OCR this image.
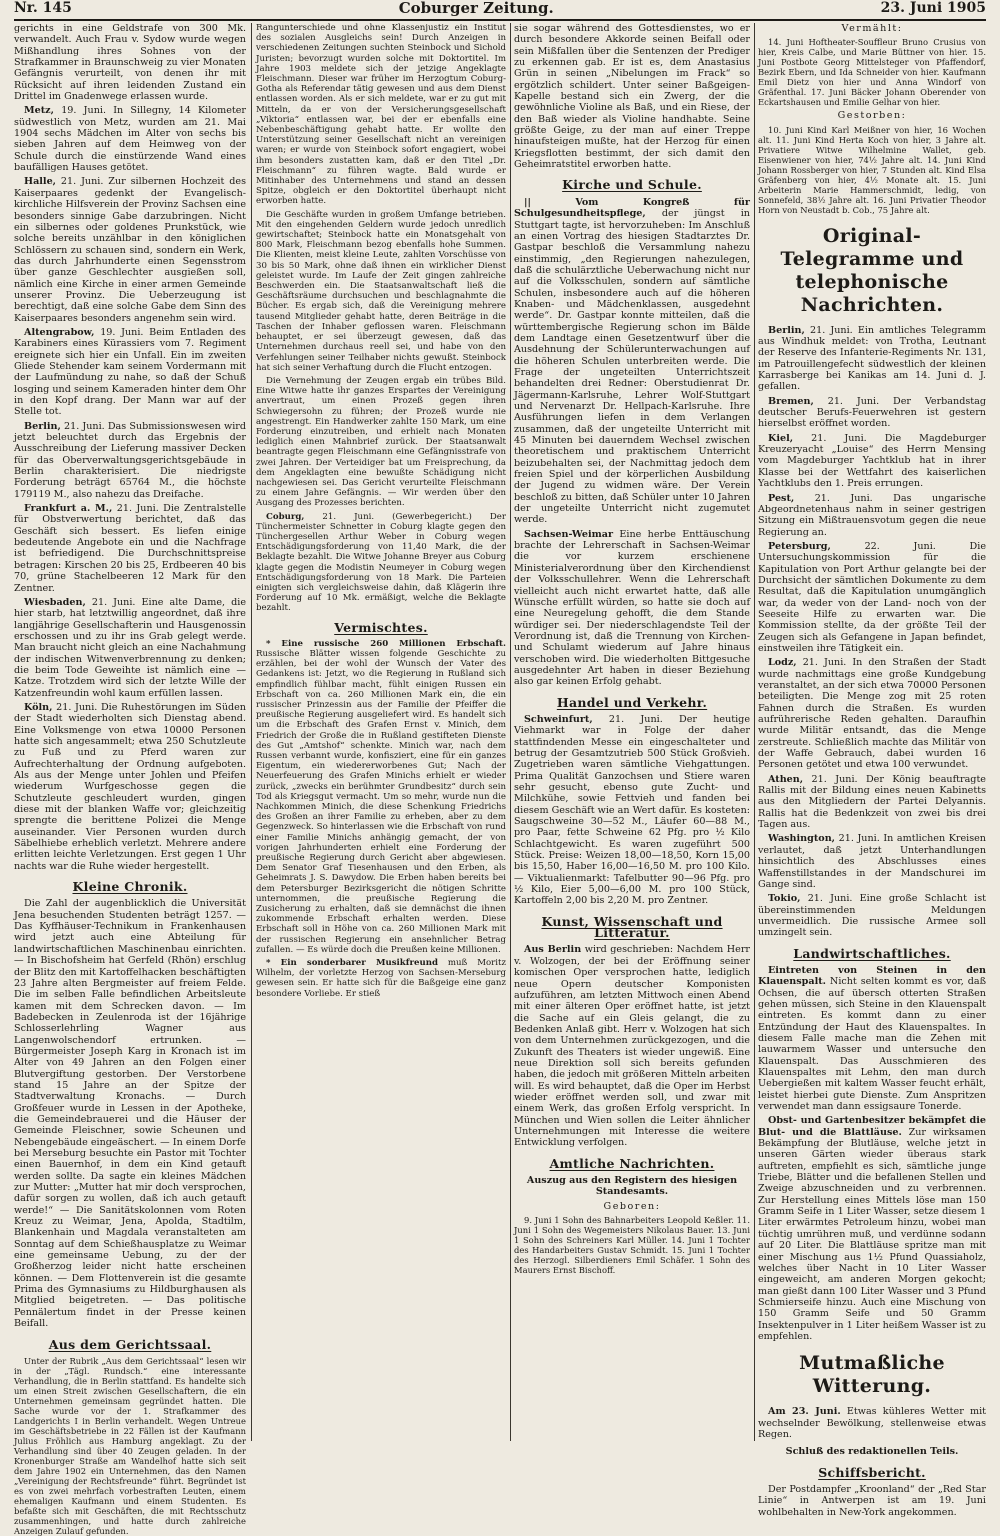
Nr. 145	Coburger Zeitung.	23. Juni 1905

gerichts in eine Geldstrafe von 300 Mk. verwandelt. Auch Frau v. Sydow wurde wegen Mißhandlung ihres Sohnes von der Strafkammer in Braunschweig zu vier Monaten Gefängnis verurteilt, von denen ihr mit Rücksicht auf ihren leidenden Zustand ein Drittel im Gnadenwege erlassen wurde.

Metz, 19. Juni. In Sillegny, 14 Kilometer südwestlich von Metz, wurden am 21. Mai 1904 sechs Mädchen im Alter von sechs bis sieben Jahren auf dem Heimweg von der Schule durch die einstürzende Wand eines baufälligen Hauses getötet.

Halle, 21. Juni. Zur silbernen Hochzeit des Kaiserpaares gedenkt der Evangelisch-kirchliche Hilfsverein der Provinz Sachsen eine besonders sinnige Gabe darzubringen. Nicht ein silbernes oder goldenes Prunkstück, wie solche bereits unzählbar in den königlichen Schlössern zu schauen sind, sondern ein Werk, das durch Jahrhunderte einen Segensstrom über ganze Geschlechter ausgießen soll, nämlich eine Kirche in einer armen Gemeinde unserer Provinz. Die Ueberzeugung ist berechtigt, daß eine solche Gabe dem Sinn des Kaiserpaares besonders angenehm sein wird.

Altengrabow, 19. Juni. Beim Entladen des Karabiners eines Kürassiers vom 7. Regiment ereignete sich hier ein Unfall. Ein im zweiten Gliede Stehender kam seinem Vordermann mit der Laufmündung zu nahe, so daß der Schuß losging und seinem Kameraden hinter dem Ohr in den Kopf drang. Der Mann war auf der Stelle tot.

Berlin, 21. Juni. Das Submissionswesen wird jetzt beleuchtet durch das Ergebnis der Ausschreibung der Lieferung massiver Decken für das Oberverwaltungsgerichtsgebäude in Berlin charakterisiert. Die niedrigste Forderung beträgt 65764 M., die höchste 179119 M., also nahezu das Dreifache.

Frankfurt a. M., 21. Juni. Die Zentralstelle für Obstverwertung berichtet, daß das Geschäft sich bessert. Es liefen einige bedeutende Angebote ein und die Nachfrage ist befriedigend. Die Durchschnittspreise betragen: Kirschen 20 bis 25, Erdbeeren 40 bis 70, grüne Stachelbeeren 12 Mark für den Zentner.

Wiesbaden, 21. Juni. Eine alte Dame, die hier starb, hat letztwillig angeordnet, daß ihre langjährige Gesellschafterin und Hausgenossin erschossen und zu ihr ins Grab gelegt werde. Man braucht nicht gleich an eine Nachahmung der indischen Witwenverbrennung zu denken; die beim Tode Geweihte ist nämlich eine — Katze. Trotzdem wird sich der letzte Wille der Katzenfreundin wohl kaum erfüllen lassen.

Köln, 21. Juni. Die Ruhestörungen im Süden der Stadt wiederholten sich Dienstag abend. Eine Volksmenge von etwa 10000 Personen hatte sich angesammelt; etwa 250 Schutzleute zu Fuß und zu Pferd waren zur Aufrechterhaltung der Ordnung aufgeboten. Als aus der Menge unter Johlen und Pfeifen wiederum Wurfgeschosse gegen die Schutzleute geschleudert wurden, gingen diese mit der blanken Waffe vor; gleichzeitig sprengte die berittene Polizei die Menge auseinander. Vier Personen wurden durch Säbelhiebe erheblich verletzt. Mehrere andere erlitten leichte Verletzungen. Erst gegen 1 Uhr nachts war die Ruhe wieder hergestellt.

Kleine Chronik.

Die Zahl der augenblicklich die Universität Jena besuchenden Studenten beträgt 1257. — Das Kyffhäuser-Technikum in Frankenhausen wird jetzt auch eine Abteilung für landwirtschaftlichen Maschinenbau einrichten. — In Bischofsheim hat Gerfeld (Rhön) erschlug der Blitz den mit Kartoffelhacken beschäftigten 23 Jahre alten Bergmeister auf freiem Felde. Die im selben Falle befindlichen Arbeitsleute kamen mit dem Schrecken davon. — Im Badebecken in Zeulenroda ist der 16jährige Schlosserlehrling Wagner aus Langenwolschendorf ertrunken. — Bürgermeister Joseph Karg in Kronach ist im Alter von 49 Jahren an den Folgen einer Blutvergiftung gestorben. Der Verstorbene stand 15 Jahre an der Spitze der Stadtverwaltung Kronachs. — Durch Großfeuer wurde in Lessen in der Apotheke, die Gemeindebrauerei und die Häuser der Gemeinde Fleischner, sowie Scheunen und Nebengebäude eingeäschert. — In einem Dorfe bei Merseburg besuchte ein Pastor mit Tochter einen Bauernhof, in dem ein Kind getauft werden sollte. Da sagte ein kleines Mädchen zur Mutter: „Mutter hat mir doch versprochen, dafür sorgen zu wollen, daß ich auch getauft werde!“ — Die Sanitätskolonnen vom Roten Kreuz zu Weimar, Jena, Apolda, Stadtilm, Blankenhain und Magdala veranstalteten am Sonntag auf dem Schießhausplatze zu Weimar eine gemeinsame Uebung, zu der der Großherzog leider nicht hatte erscheinen können. — Dem Flottenverein ist die gesamte Prima des Gymnasiums zu Hildburghausen als Mitglied beigetreten. — Das politische Pennälertum findet in der Presse keinen Beifall.

Aus dem Gerichtssaal.

Unter der Rubrik „Aus dem Gerichtssaal“ lesen wir in der „Tägl. Rundsch.“ eine interessante Verhandlung, die in Berlin stattfand. Es handelte sich um einen Streit zwischen Gesellschaftern, die ein Unternehmen gemeinsam gegründet hatten. Die Sache wurde vor der 1. Strafkammer des Landgerichts I in Berlin verhandelt. Wegen Untreue im Geschäftsbetriebe in 22 Fällen ist der Kaufmann Julius Fröhlich aus Hamburg angeklagt. Zu der Verhandlung sind über 40 Zeugen geladen. In der Kronenburger Straße am Wandelhof hatte sich seit dem Jahre 1902 ein Unternehmen, das den Namen „Vereinigung der Rechtsfreunde“ führt. Begründet ist es von zwei mehrfach vorbestraften Leuten, einem ehemaligen Kaufmann und einem Studenten. Es befaßte sich mit Geschäften, die mit Rechtsschutz zusammenhingen, und hatte durch zahlreiche Anzeigen Zulauf gefunden.

Rangunterschiede und ohne Klassenjustiz ein Institut des sozialen Ausgleichs sein! Durch Anzeigen in verschiedenen Zeitungen suchten Steinbock und Sichold Juristen; bevorzugt wurden solche mit Doktortitel. Im Jahre 1903 meldete sich der jetzige Angeklagte Fleischmann. Dieser war früher im Herzogtum Coburg-Gotha als Referendar tätig gewesen und aus dem Dienst entlassen worden. Als er sich meldete, war er zu gut mit Mitteln, da er von der Versicherungsgesellschaft „Viktoria“ entlassen war, bei der er ebenfalls eine Nebenbeschäftigung gehabt hatte. Er wollte den Unterstützung seiner Gesellschaft nicht an vereinigen waren; er wurde von Steinbock sofort engagiert, wobei ihm besonders zustatten kam, daß er den Titel „Dr. Fleischmann“ zu führen wagte. Bald wurde er Mitinhaber des Unternehmens und stand an dessen Spitze, obgleich er den Doktortitel überhaupt nicht erworben hatte.

Die Geschäfte wurden in großem Umfange betrieben. Mit den eingehenden Geldern wurde jedoch unredlich gewirtschaftet; Steinbock hatte ein Monatsgehalt von 800 Mark, Fleischmann bezog ebenfalls hohe Summen. Die Klienten, meist kleine Leute, zahlten Vorschüsse von 30 bis 50 Mark, ohne daß ihnen ein wirklicher Dienst geleistet wurde. Im Laufe der Zeit gingen zahlreiche Beschwerden ein. Die Staatsanwaltschaft ließ die Geschäftsräume durchsuchen und beschlagnahmte die Bücher. Es ergab sich, daß die Vereinigung mehrere tausend Mitglieder gehabt hatte, deren Beiträge in die Taschen der Inhaber geflossen waren. Fleischmann behauptet, er sei überzeugt gewesen, daß das Unternehmen durchaus reell sei, und habe von den Verfehlungen seiner Teilhaber nichts gewußt. Steinbock hat sich seiner Verhaftung durch die Flucht entzogen.

Die Vernehmung der Zeugen ergab ein trübes Bild. Eine Witwe hatte ihr ganzes Erspartes der Vereinigung anvertraut, um einen Prozeß gegen ihren Schwiegersohn zu führen; der Prozeß wurde nie angestrengt. Ein Handwerker zahlte 150 Mark, um eine Forderung einzutreiben, und erhielt nach Monaten lediglich einen Mahnbrief zurück. Der Staatsanwalt beantragte gegen Fleischmann eine Gefängnisstrafe von zwei Jahren. Der Verteidiger bat um Freisprechung, da dem Angeklagten eine bewußte Schädigung nicht nachgewiesen sei. Das Gericht verurteilte Fleischmann zu einem Jahre Gefängnis. — Wir werden über den Ausgang des Prozesses berichten.

Coburg, 21. Juni. (Gewerbegericht.) Der Tünchermeister Schnetter in Coburg klagte gegen den Tünchergesellen Arthur Weber in Coburg wegen Entschädigungsforderung von 11,40 Mark, die der Beklagte bezahlt. Die Witwe Johanne Breyer aus Coburg klagte gegen die Modistin Neumeyer in Coburg wegen Entschädigungsforderung von 18 Mark. Die Parteien einigten sich vergleichsweise dahin, daß Klägerin ihre Forderung auf 10 Mk. ermäßigt, welche die Beklagte bezahlt.

Vermischtes.

* Eine russische 260 Millionen Erbschaft. Russische Blätter wissen folgende Geschichte zu erzählen, bei der wohl der Wunsch der Vater des Gedankens ist: Jetzt, wo die Regierung in Rußland sich empfindlich fühlbar macht, fühlt einigen Russen ein Erbschaft von ca. 260 Millionen Mark ein, die ein russischer Prinzessin aus der Familie der Pfeiffer die preußische Regierung ausgeliefert wird. Es handelt sich um die Erbschaft des Grafen Ernst v. Minich, dem Friedrich der Große die in Rußland gestifteten Dienste des Gut „Amtshof“ schenkte. Minich war, nach dem Russen verbannt wurde, konfisziert, eine für ein ganzes Eigentum, ein wiedererworbenes Gut; Nach der Neuerfeuerung des Grafen Minichs erhielt er wieder zurück, „zwecks ein berühmter Grundbesitz“ durch sein Tod als Kriegsgut vermacht. Um so mehr, wurde nun die Nachkommen Minich, die diese Schenkung Friedrichs des Großen an ihrer Familie zu erheben, aber zu dem Gegenzweck. So hinterlassen wie die Erbschaft von rund einer Familie Minichs anhängig gemacht, der von vorigen Jahrhunderten erhielt eine Forderung der preußische Regierung durch Gericht aber abgewiesen. Dem Senator Graf Tiesenhausen und den Erben, als Geheimrats J. S. Dawydow. Die Erben haben bereits bei dem Petersburger Bezirksgericht die nötigen Schritte unternommen, die preußische Regierung die Zusicherung zu erhalten, daß sie demnächst die ihnen zukommende Erbschaft erhalten werden. Diese Erbschaft soll in Höhe von ca. 260 Millionen Mark mit der russischen Regierung ein ansehnlicher Betrag zufallen. — Es würde doch die Preußen keine Millionen.

* Ein sonderbarer Musikfreund muß Moritz Wilhelm, der vorletzte Herzog von Sachsen-Merseburg gewesen sein. Er hatte sich für die Baßgeige eine ganz besondere Vorliebe. Er stieß

sie sogar während des Gottesdienstes, wo er durch besondere Akkorde seinen Beifall oder sein Mißfallen über die Sentenzen der Prediger zu erkennen gab. Er ist es, dem Anastasius Grün in seinen „Nibelungen im Frack“ so ergötzlich schildert. Unter seiner Baßgeigen-Kapelle bestand sich ein Zwerg, der die gewöhnliche Violine als Baß, und ein Riese, der den Baß wieder als Violine handhabte. Seine größte Geige, zu der man auf einer Treppe hinaufsteigen mußte, hat der Herzog für einen Kriegsflotten bestimmt, der sich damit den Geheimratstitel erworben hatte.

Kirche und Schule.

|| Vom Kongreß für Schulgesundheitspflege, der jüngst in Stuttgart tagte, ist hervorzuheben: Im Anschluß an einen Vortrag des hiesigen Stadtarztes Dr. Gastpar beschloß die Versammlung nahezu einstimmig, „den Regierungen nahezulegen, daß die schulärztliche Ueberwachung nicht nur auf die Volksschulen, sondern auf sämtliche Schulen, insbesondere auch auf die höheren Knaben- und Mädchenklassen, ausgedehnt werde“. Dr. Gastpar konnte mitteilen, daß die württembergische Regierung schon im Bälde dem Landtage einen Gesetzentwurf über die Ausdehnung der Schülerunterwachungen auf die höheren Schulen unterbreiten werde. Die Frage der ungeteilten Unterrichtszeit behandelten drei Redner: Oberstudienrat Dr. Jägermann-Karlsruhe, Lehrer Wolf-Stuttgart und Nervenarzt Dr. Hellpach-Karlsruhe. Ihre Ausführungen liefen in dem Verlangen zusammen, daß der ungeteilte Unterricht mit 45 Minuten bei dauerndem Wechsel zwischen theoretischem und praktischem Unterricht beizubehalten sei, der Nachmittag jedoch dem freien Spiel und der körperlichen Ausbildung der Jugend zu widmen wäre. Der Verein beschloß zu bitten, daß Schüler unter 10 Jahren der ungeteilte Unterricht nicht zugemutet werde.

Sachsen-Weimar Eine herbe Enttäuschung brachte der Lehrerschaft in Sachsen-Weimar die vor kurzem erschienene Ministerialverordnung über den Kirchendienst der Volksschullehrer. Wenn die Lehrerschaft vielleicht auch nicht erwartet hatte, daß alle Wünsche erfüllt würden, so hatte sie doch auf eine Neuregelung gehofft, die dem Stande würdiger sei. Der niederschlagendste Teil der Verordnung ist, daß die Trennung von Kirchen- und Schulamt wiederum auf Jahre hinaus verschoben wird. Die wiederholten Bittgesuche ausgedehnter Art haben in dieser Beziehung also gar keinen Erfolg gehabt.

Handel und Verkehr.

Schweinfurt, 21. Juni. Der heutige Viehmarkt war in Folge der daher stattfindenden Messe ein eingeschalteter und betrug der Gesamtzutrieb 500 Stück Großvieh. Zugetrieben waren sämtliche Viehgattungen. Prima Qualität Ganzochsen und Stiere waren sehr gesucht, ebenso gute Zucht- und Milchkühe, sowie Fettvieh und fanden bei diesem Geschäft wie an Wert dafür. Es kosteten: Saugschweine 30—52 M., Läufer 60—88 M., pro Paar, fette Schweine 62 Pfg. pro ½ Kilo Schlachtgewicht. Es waren zugeführt 500 Stück. Preise: Weizen 18,00—18,50, Korn 15,00 bis 15,50, Haber 16,00—16,50 M. pro 100 Kilo. — Viktualienmarkt: Tafelbutter 90—96 Pfg. pro ½ Kilo, Eier 5,00—6,00 M. pro 100 Stück, Kartoffeln 2,00 bis 2,20 M. pro Zentner.

Kunst, Wissenschaft und Litteratur.

Aus Berlin wird geschrieben: Nachdem Herr v. Wolzogen, der bei der Eröffnung seiner komischen Oper versprochen hatte, lediglich neue Opern deutscher Komponisten aufzuführen, am letzten Mittwoch einen Abend mit einer älteren Oper eröffnet hatte, ist jetzt die Sache auf ein Gleis gelangt, die zu Bedenken Anlaß gibt. Herr v. Wolzogen hat sich von dem Unternehmen zurückgezogen, und die Zukunft des Theaters ist wieder ungewiß. Eine neue Direktion soll sich bereits gefunden haben, die jedoch mit größeren Mitteln arbeiten will. Es wird behauptet, daß die Oper im Herbst wieder eröffnet werden soll, und zwar mit einem Werk, das großen Erfolg verspricht. In München und Wien sollen die Leiter ähnlicher Unternehmungen mit Interesse die weitere Entwicklung verfolgen.

Amtliche Nachrichten.

Auszug aus den Registern des hiesigen Standesamts.

Geboren:

9. Juni 1 Sohn des Bahnarbeiters Leopold Keßler. 11. Juni 1 Sohn des Wegemeisters Nikolaus Bauer. 13. Juni 1 Sohn des Schreiners Karl Müller. 14. Juni 1 Tochter des Handarbeiters Gustav Schmidt. 15. Juni 1 Tochter des Herzogl. Silberdieners Emil Schäfer. 1 Sohn des Maurers Ernst Bischoff.

Vermählt:

14. Juni Hoftheater-Souffleur Bruno Crusius von hier, Kreis Calbe, und Marie Büttner von hier. 15. Juni Postbote Georg Mittelsteger von Pfaffendorf, Bezirk Ebern, und Ida Schneider von hier. Kaufmann Emil Dietz von hier und Anna Windorf von Gräfenthal. 17. Juni Bäcker Johann Oberender von Eckartshausen und Emilie Gelhar von hier.

Gestorben:

10. Juni Kind Karl Meißner von hier, 16 Wochen alt. 11. Juni Kind Herta Koch von hier, 3 Jahre alt. Privatiere Witwe Wilhelmine Wallet, geb. Eisenwiener von hier, 74½ Jahre alt. 14. Juni Kind Johann Rossberger von hier, 7 Stunden alt. Kind Elsa Gräfenberg von hier, 4½ Monate alt. 15. Juni Arbeiterin Marie Hammerschmidt, ledig, von Sonnefeld, 38½ Jahre alt. 16. Juni Privatier Theodor Horn von Neustadt b. Cob., 75 Jahre alt.

Original-Telegramme und telephonische Nachrichten.

Berlin, 21. Juni. Ein amtliches Telegramm aus Windhuk meldet: von Trotha, Leutnant der Reserve des Infanterie-Regiments Nr. 131, im Patrouillengefecht südwestlich der kleinen Karrasberge bei Kanikas am 14. Juni d. J. gefallen.

Bremen, 21. Juni. Der Verbandstag deutscher Berufs-Feuerwehren ist gestern hierselbst eröffnet worden.

Kiel, 21. Juni. Die Magdeburger Kreuzeryacht „Louise“ des Herrn Mensing vom Magdeburger Yachtklub hat in ihrer Klasse bei der Wettfahrt des kaiserlichen Yachtklubs den 1. Preis errungen.

Pest, 21. Juni. Das ungarische Abgeordnetenhaus nahm in seiner gestrigen Sitzung ein Mißtrauensvotum gegen die neue Regierung an.

Petersburg,	22. Juni. Die Untersuchungskommission für die Kapitulation von Port Arthur gelangte bei der Durchsicht der sämtlichen Dokumente zu dem Resultat, daß die Kapitulation unumgänglich war, da weder von der Land- noch von der Seeseite Hilfe zu erwarten war. Die Kommission stellte, da der größte Teil der Zeugen sich als Gefangene in Japan befindet, einstweilen ihre Tätigkeit ein.

Lodz, 21. Juni. In den Straßen der Stadt wurde nachmittags eine große Kundgebung veranstaltet, an der sich etwa 70000 Personen beteiligten. Die Menge zog mit 25 roten Fahnen durch die Straßen. Es wurden aufrührerische Reden gehalten. Daraufhin wurde Militär entsandt, das die Menge zerstreute. Schließlich machte das Militär von der Waffe Gebrauch, dabei wurden 16 Personen getötet und etwa 100 verwundet.

Athen, 21. Juni. Der König beauftragte Rallis mit der Bildung eines neuen Kabinetts aus den Mitgliedern der Partei Delyannis. Rallis hat die Bedenkzeit von zwei bis drei Tagen aus.

Washington, 21. Juni. In amtlichen Kreisen verlautet, daß jetzt Unterhandlungen hinsichtlich des Abschlusses eines Waffenstillstandes in der Mandschurei im Gange sind.

Tokio, 21. Juni. Eine große Schlacht ist übereinstimmenden Meldungen unvermeidlich. Die russische Armee soll umzingelt sein.

Landwirtschaftliches.

Eintreten von Steinen in den Klauenspalt. Nicht selten kommt es vor, daß Ochsen, die auf übersch otterten Straßen gehen müssen, sich Steine in den Klauenspalt eintreten. Es kommt dann zu einer Entzündung der Haut des Klauenspaltes. In diesem Falle mache man die Zehen mit lauwarmem Wasser und untersuche den Klauenspalt. Das Ausschmieren des Klauenspaltes mit Lehm, den man durch Uebergießen mit kaltem Wasser feucht erhält, leistet hierbei gute Dienste. Zum Anspritzen verwendet man dann essigsaure Tonerde.

Obst- und Gartenbesitzer bekämpfet die Blut- und die Blattläuse. Zur wirksamen Bekämpfung der Blutläuse, welche jetzt in unseren Gärten wieder überaus stark auftreten, empfiehlt es sich, sämtliche junge Triebe, Blätter und die befallenen Stellen und Zweige abzuschneiden und zu verbrennen. Zur Herstellung eines Mittels löse man 150 Gramm Seife in 1 Liter Wasser, setze diesem 1 Liter erwärmtes Petroleum hinzu, wobei man tüchtig umrühren muß, und verdünne sodann auf 20 Liter. Die Blattläuse spritze man mit einer Mischung aus 1½ Pfund Quassiaholz, welches über Nacht in 10 Liter Wasser eingeweicht, am anderen Morgen gekocht; man gießt dann 100 Liter Wasser und 3 Pfund Schmierseife hinzu. Auch eine Mischung von 150 Gramm Seife und 50 Gramm Insektenpulver in 1 Liter heißem Wasser ist zu empfehlen.

Mutmaßliche Witterung.

Am 23. Juni. Etwas kühleres Wetter mit wechselnder Bewölkung, stellenweise etwas Regen.

Schluß des redaktionellen Teils.

Schiffsbericht.

Der Postdampfer „Kroonland“ der „Red Star Linie“ in Antwerpen ist am 19. Juni wohlbehalten in New-York angekommen.
